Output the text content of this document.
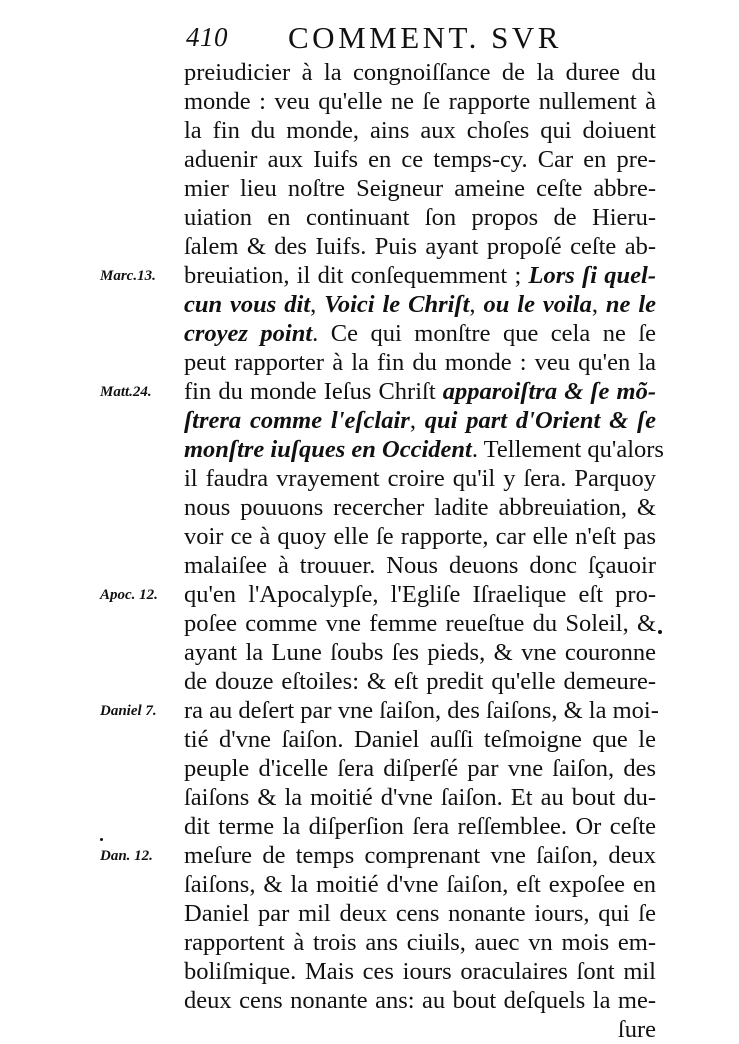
410 COMMENT. SVR
preiudicier à la congnoiſſance de la duree du
monde : veu qu'elle ne ſe rapporte nullement à
la fin du monde, ains aux choſes qui doiuent
aduenir aux Iuifs en ce temps-cy. Car en pre-
mier lieu noſtre Seigneur ameine ceſte abbre-
uiation en continuant ſon propos de Hieru-
ſalem & des Iuifs. Puis ayant propoſé ceſte ab-
breuiation, il dit conſequemment ; Lors ſi quel-
cun vous dit, Voici le Chriſt, ou le voila, ne le
croyez point. Ce qui monſtre que cela ne ſe
peut rapporter à la fin du monde : veu qu'en la
fin du monde Ieſus Chriſt apparoiſtra & ſe mõ-
ſtrera comme l'eſclair, qui part d'Orient & ſe
monſtre iuſques en Occident. Tellement qu'alors
il faudra vrayement croire qu'il y ſera. Parquoy
nous pouuons recercher ladite abbreuiation, &
voir ce à quoy elle ſe rapporte, car elle n'eſt pas
malaiſee à trouuer. Nous deuons donc ſçauoir
qu'en l'Apocalypſe, l'Egliſe Iſraelique eſt pro-
poſee comme vne femme reueſtue du Soleil, &
ayant la Lune ſoubs ſes pieds, & vne couronne
de douze eſtoiles: & eſt predit qu'elle demeure-
ra au deſert par vne ſaiſon, des ſaiſons, & la moi-
tié d'vne ſaiſon. Daniel auſſi teſmoigne que le
peuple d'icelle ſera diſperſé par vne ſaiſon, des
ſaiſons & la moitié d'vne ſaiſon. Et au bout du-
dit terme la diſperſion ſera reſſemblee. Or ceſte
meſure de temps comprenant vne ſaiſon, deux
ſaiſons, & la moitié d'vne ſaiſon, eſt expoſee en
Daniel par mil deux cens nonante iours, qui ſe
rapportent à trois ans ciuils, auec vn mois em-
boliſmique. Mais ces iours oraculaires ſont mil
deux cens nonante ans: au bout deſquels la me-
ſure
Marc.13.
Matt.24.
Apoc. 12.
Daniel 7.
Dan. 12.
